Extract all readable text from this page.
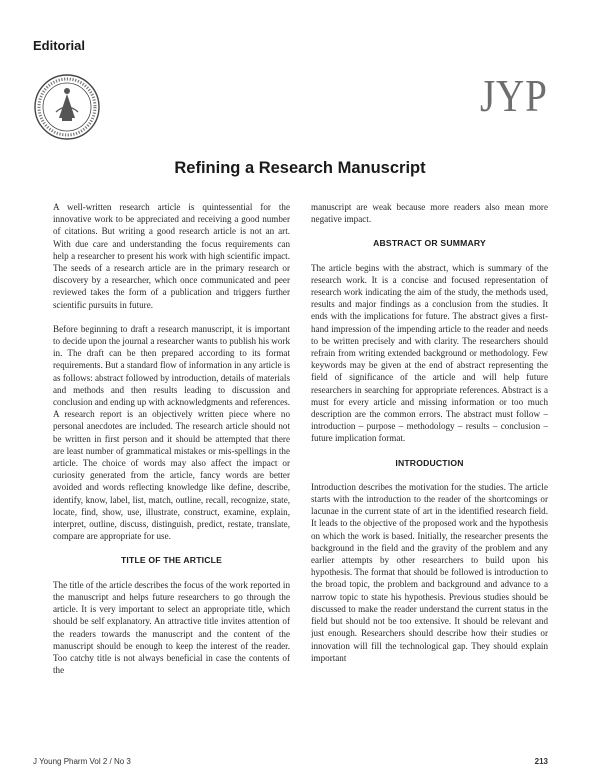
Editorial
JYP
Refining a Research Manuscript

A well-written research article is quintessential for the innovative work to be appreciated and receiving a good number of citations. But writing a good research article is not an art. With due care and understanding the focus requirements can help a researcher to present his work with high scientific impact. The seeds of a research article are in the primary research or discovery by a researcher, which once communicated and peer reviewed takes the form of a publication and triggers further scientific pursuits in future.

Before beginning to draft a research manuscript, it is important to decide upon the journal a researcher wants to publish his work in. The draft can be then prepared according to its format requirements. But a standard flow of information in any article is as follows: abstract followed by introduction, details of materials and methods and then results leading to discussion and conclusion and ending up with acknowledgments and references. A research report is an objectively written piece where no personal anecdotes are included. The research article should not be written in first person and it should be attempted that there are least number of grammatical mistakes or mis-spellings in the article. The choice of words may also affect the impact or curiosity generated from the article, fancy words are better avoided and words reflecting knowledge like define, describe, identify, know, label, list, match, outline, recall, recognize, state, locate, find, show, use, illustrate, construct, examine, explain, interpret, outline, discuss, distinguish, predict, restate, translate, compare are appropriate for use.

TITLE OF THE ARTICLE

The title of the article describes the focus of the work reported in the manuscript and helps future researchers to go through the article. It is very important to select an appropriate title, which should be self explanatory. An attractive title invites attention of the readers towards the manuscript and the content of the manuscript should be enough to keep the interest of the reader. Too catchy title is not always beneficial in case the contents of the

manuscript are weak because more readers also mean more negative impact.

ABSTRACT OR SUMMARY

The article begins with the abstract, which is summary of the research work. It is a concise and focused representation of research work indicating the aim of the study, the methods used, results and major findings as a conclusion from the studies. It ends with the implications for future. The abstract gives a first-hand impression of the impending article to the reader and needs to be written precisely and with clarity. The researchers should refrain from writing extended background or methodology. Few keywords may be given at the end of abstract representing the field of significance of the article and will help future researchers in searching for appropriate references. Abstract is a must for every article and missing information or too much description are the common errors. The abstract must follow – introduction – purpose – methodology – results – conclusion – future implication format.

INTRODUCTION

Introduction describes the motivation for the studies. The article starts with the introduction to the reader of the shortcomings or lacunae in the current state of art in the identified research field. It leads to the objective of the proposed work and the hypothesis on which the work is based. Initially, the researcher presents the background in the field and the gravity of the problem and any earlier attempts by other researchers to build upon his hypothesis. The format that should be followed is introduction to the broad topic, the problem and background and advance to a narrow topic to state his hypothesis. Previous studies should be discussed to make the reader understand the current status in the field but should not be too extensive. It should be relevant and just enough. Researchers should describe how their studies or innovation will fill the technological gap. They should explain important

J Young Pharm Vol 2 / No 3	213
